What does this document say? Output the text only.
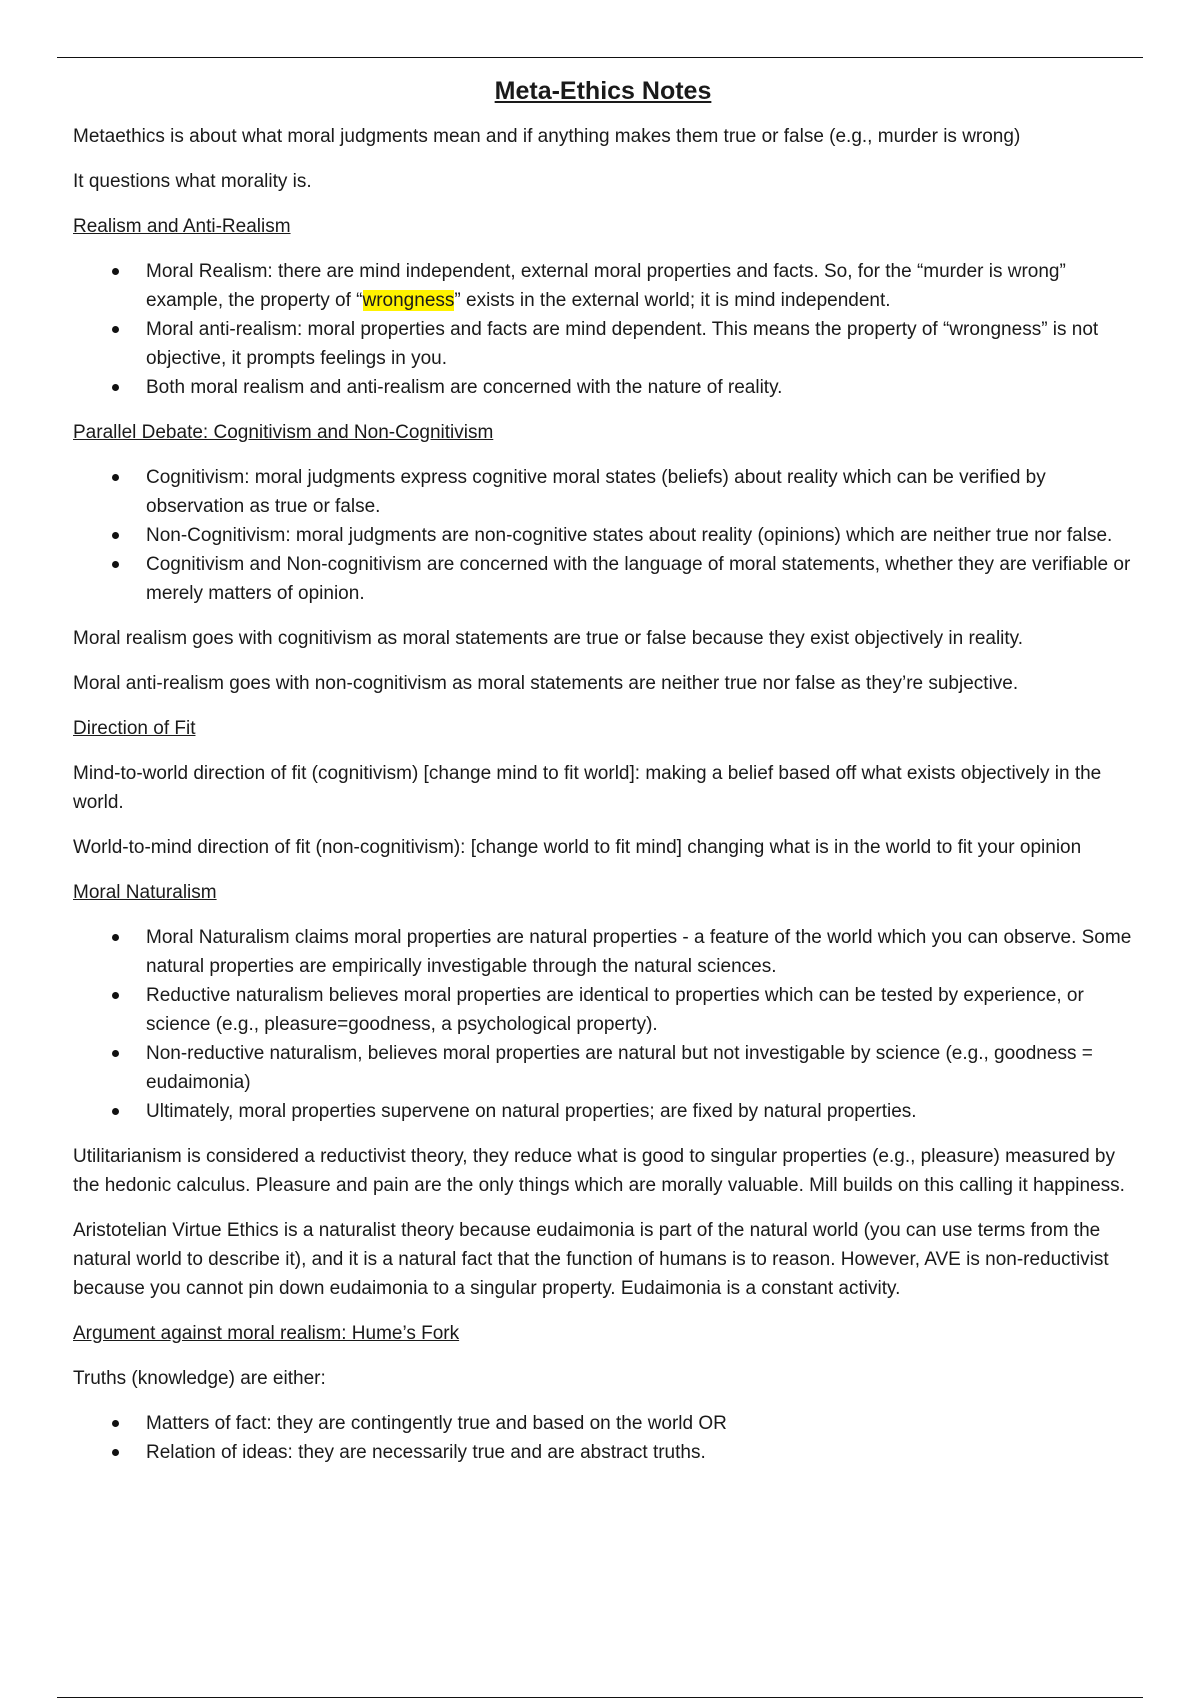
Meta-Ethics Notes

Metaethics is about what moral judgments mean and if anything makes them true or false (e.g., murder is wrong)

It questions what morality is.

Realism and Anti-Realism

Moral Realism: there are mind independent, external moral properties and facts. So, for the “murder is wrong” example, the property of “wrongness” exists in the external world; it is mind independent.
Moral anti-realism: moral properties and facts are mind dependent. This means the property of “wrongness” is not objective, it prompts feelings in you.
Both moral realism and anti-realism are concerned with the nature of reality.

Parallel Debate: Cognitivism and Non-Cognitivism

Cognitivism: moral judgments express cognitive moral states (beliefs) about reality which can be verified by observation as true or false.
Non-Cognitivism: moral judgments are non-cognitive states about reality (opinions) which are neither true nor false.
Cognitivism and Non-cognitivism are concerned with the language of moral statements, whether they are verifiable or merely matters of opinion.

Moral realism goes with cognitivism as moral statements are true or false because they exist objectively in reality.

Moral anti-realism goes with non-cognitivism as moral statements are neither true nor false as they’re subjective.

Direction of Fit

Mind-to-world direction of fit (cognitivism) [change mind to fit world]: making a belief based off what exists objectively in the world.

World-to-mind direction of fit (non-cognitivism): [change world to fit mind] changing what is in the world to fit your opinion

Moral Naturalism

Moral Naturalism claims moral properties are natural properties - a feature of the world which you can observe. Some natural properties are empirically investigable through the natural sciences.
Reductive naturalism believes moral properties are identical to properties which can be tested by experience, or science (e.g., pleasure=goodness, a psychological property).
Non-reductive naturalism, believes moral properties are natural but not investigable by science (e.g., goodness = eudaimonia)
Ultimately, moral properties supervene on natural properties; are fixed by natural properties.

Utilitarianism is considered a reductivist theory, they reduce what is good to singular properties (e.g., pleasure) measured by the hedonic calculus. Pleasure and pain are the only things which are morally valuable. Mill builds on this calling it happiness.

Aristotelian Virtue Ethics is a naturalist theory because eudaimonia is part of the natural world (you can use terms from the natural world to describe it), and it is a natural fact that the function of humans is to reason. However, AVE is non-reductivist because you cannot pin down eudaimonia to a singular property. Eudaimonia is a constant activity.

Argument against moral realism: Hume’s Fork

Truths (knowledge) are either:

Matters of fact: they are contingently true and based on the world OR
Relation of ideas: they are necessarily true and are abstract truths.
